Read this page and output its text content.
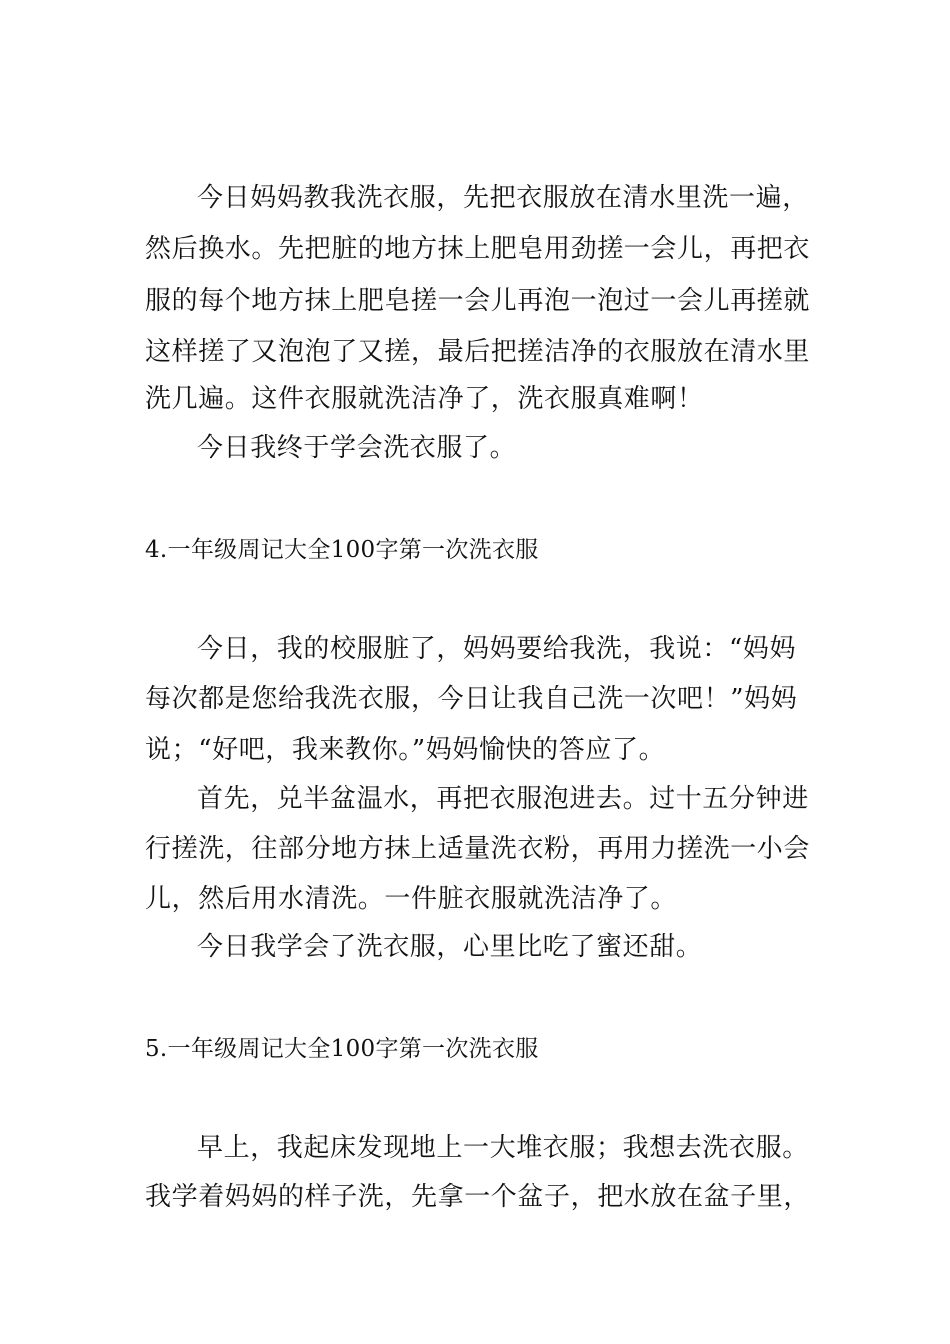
今日妈妈教我洗衣服，先把衣服放在清水里洗一遍，
然后换水。先把脏的地方抹上肥皂用劲搓一会儿，再把衣
服的每个地方抹上肥皂搓一会儿再泡一泡过一会儿再搓就
这样搓了又泡泡了又搓，最后把搓洁净的衣服放在清水里
洗几遍。这件衣服就洗洁净了，洗衣服真难啊！
今日我终于学会洗衣服了。
4.一年级周记大全100字第一次洗衣服
今日，我的校服脏了，妈妈要给我洗，我说：“妈妈
每次都是您给我洗衣服，今日让我自己洗一次吧！”妈妈
说；“好吧，我来教你。”妈妈愉快的答应了。
首先，兑半盆温水，再把衣服泡进去。过十五分钟进
行搓洗，往部分地方抹上适量洗衣粉，再用力搓洗一小会
儿，然后用水清洗。一件脏衣服就洗洁净了。
今日我学会了洗衣服，心里比吃了蜜还甜。
5.一年级周记大全100字第一次洗衣服
早上，我起床发现地上一大堆衣服；我想去洗衣服。
我学着妈妈的样子洗，先拿一个盆子，把水放在盆子里，
